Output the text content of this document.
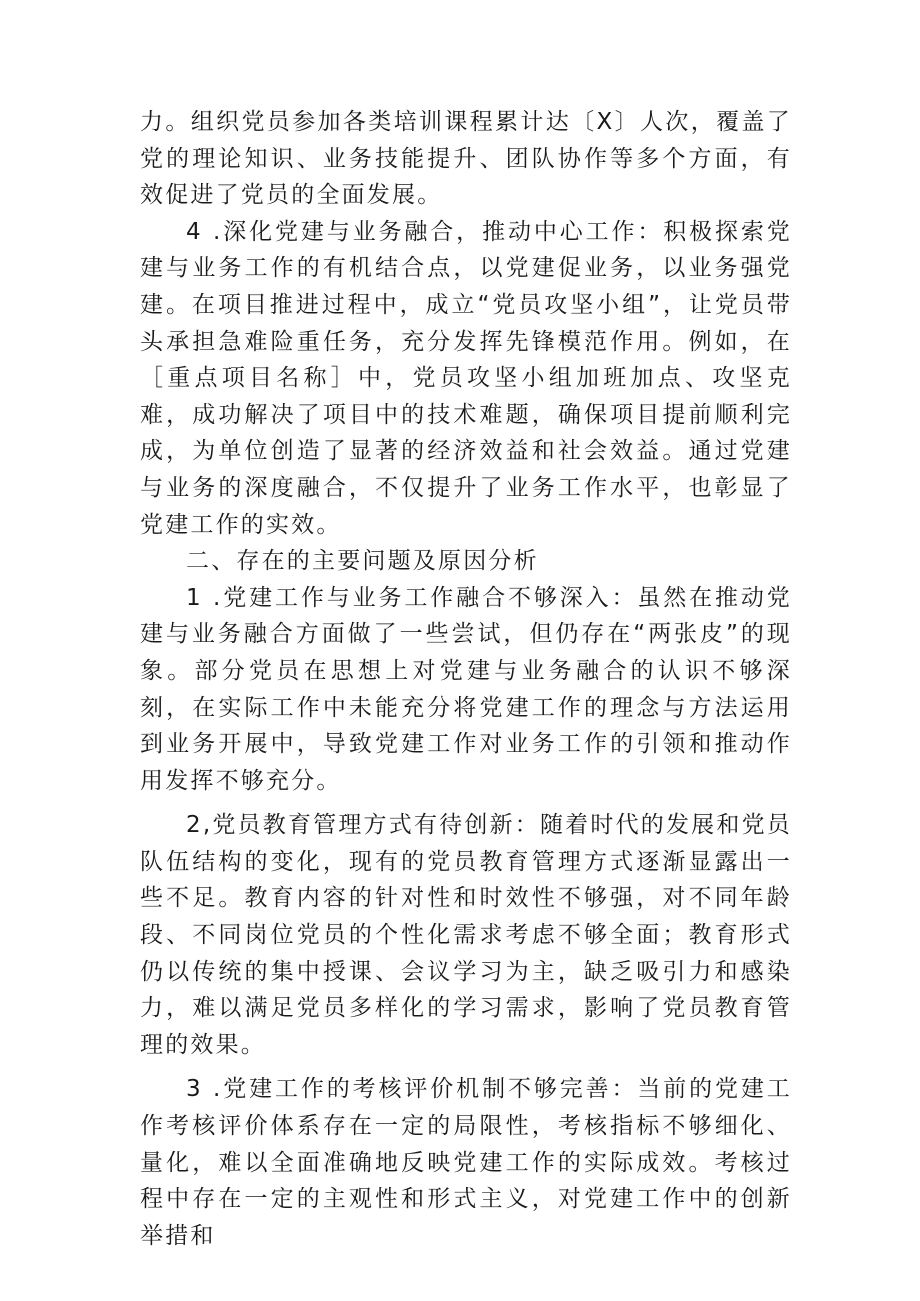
力。组织党员参加各类培训课程累计达〔X〕人次，覆盖了党的理论知识、业务技能提升、团队协作等多个方面，有效促进了党员的全面发展。

4 .深化党建与业务融合，推动中心工作：积极探索党建与业务工作的有机结合点，以党建促业务，以业务强党建。在项目推进过程中，成立“党员攻坚小组”，让党员带头承担急难险重任务，充分发挥先锋模范作用。例如，在［重点项目名称］中，党员攻坚小组加班加点、攻坚克难，成功解决了项目中的技术难题，确保项目提前顺利完成，为单位创造了显著的经济效益和社会效益。通过党建与业务的深度融合，不仅提升了业务工作水平，也彰显了党建工作的实效。

二、存在的主要问题及原因分析

1 .党建工作与业务工作融合不够深入：虽然在推动党建与业务融合方面做了一些尝试，但仍存在“两张皮”的现象。部分党员在思想上对党建与业务融合的认识不够深刻，在实际工作中未能充分将党建工作的理念与方法运用到业务开展中，导致党建工作对业务工作的引领和推动作用发挥不够充分。

2,党员教育管理方式有待创新：随着时代的发展和党员队伍结构的变化，现有的党员教育管理方式逐渐显露出一些不足。教育内容的针对性和时效性不够强，对不同年龄段、不同岗位党员的个性化需求考虑不够全面；教育形式仍以传统的集中授课、会议学习为主，缺乏吸引力和感染力，难以满足党员多样化的学习需求，影响了党员教育管理的效果。

3 .党建工作的考核评价机制不够完善：当前的党建工作考核评价体系存在一定的局限性，考核指标不够细化、量化，难以全面准确地反映党建工作的实际成效。考核过程中存在一定的主观性和形式主义，对党建工作中的创新举措和
